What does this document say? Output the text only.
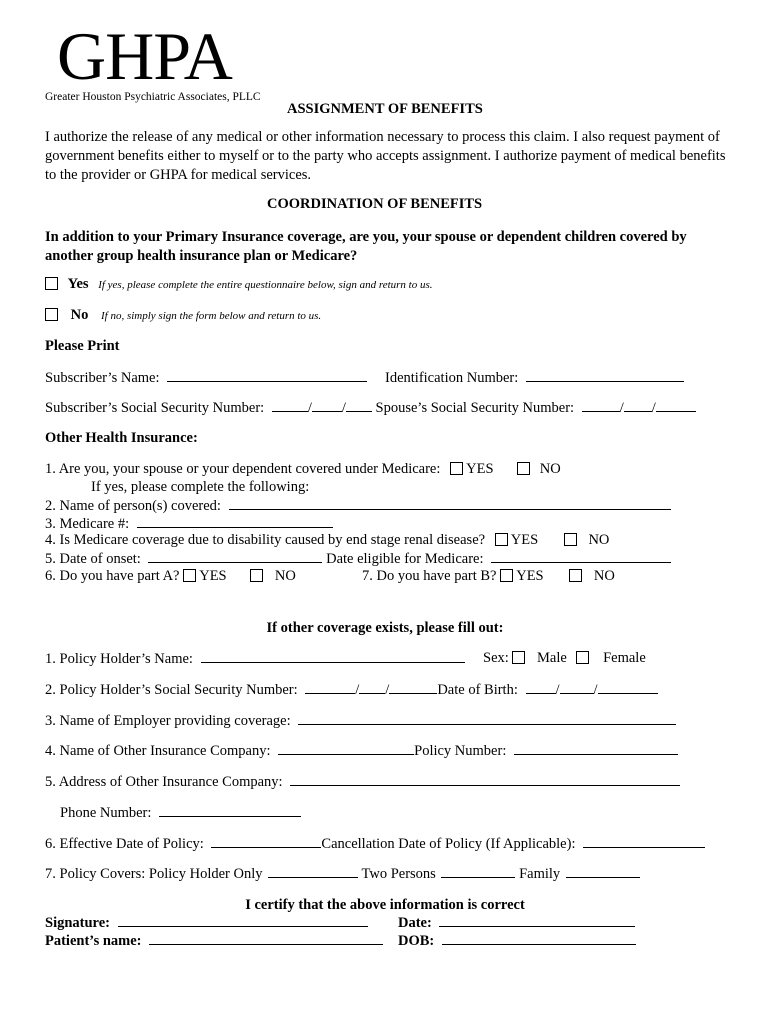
GHPA
Greater Houston Psychiatric Associates, PLLC
ASSIGNMENT OF BENEFITS
I authorize the release of any medical or other information necessary to process this claim. I also request payment of government benefits either to myself or to the party who accepts assignment. I authorize payment of medical benefits to the provider or GHPA for medical services.
COORDINATION OF BENEFITS
In addition to your Primary Insurance coverage, are you, your spouse or dependent children covered by another group health insurance plan or Medicare?
Yes If yes, please complete the entire questionnaire below, sign and return to us.
No If no, simply sign the form below and return to us.
Please Print
Subscriber’s Name:	Identification Number:
Subscriber’s Social Security Number:	/ / Spouse’s Social Security Number:	/ /
Other Health Insurance:
1. Are you, your spouse or your dependent covered under Medicare: YES	NO
If yes, please complete the following:
2. Name of person(s) covered:
3. Medicare #:
4. Is Medicare coverage due to disability caused by end stage renal disease? YES	NO
5. Date of onset:	Date eligible for Medicare:
6. Do you have part A? YES	NO	7. Do you have part B? YES	NO
If other coverage exists, please fill out:
1. Policy Holder’s Name:	Sex: Male	Female
2. Policy Holder’s Social Security Number:	/ /	Date of Birth:	/ /
3. Name of Employer providing coverage:
4. Name of Other Insurance Company:	Policy Number:
5. Address of Other Insurance Company:
Phone Number:
6. Effective Date of Policy:	Cancellation Date of Policy (If Applicable):
7. Policy Covers: Policy Holder Only	Two Persons	Family
I certify that the above information is correct
Signature:	Date:
Patient’s name:	DOB:
